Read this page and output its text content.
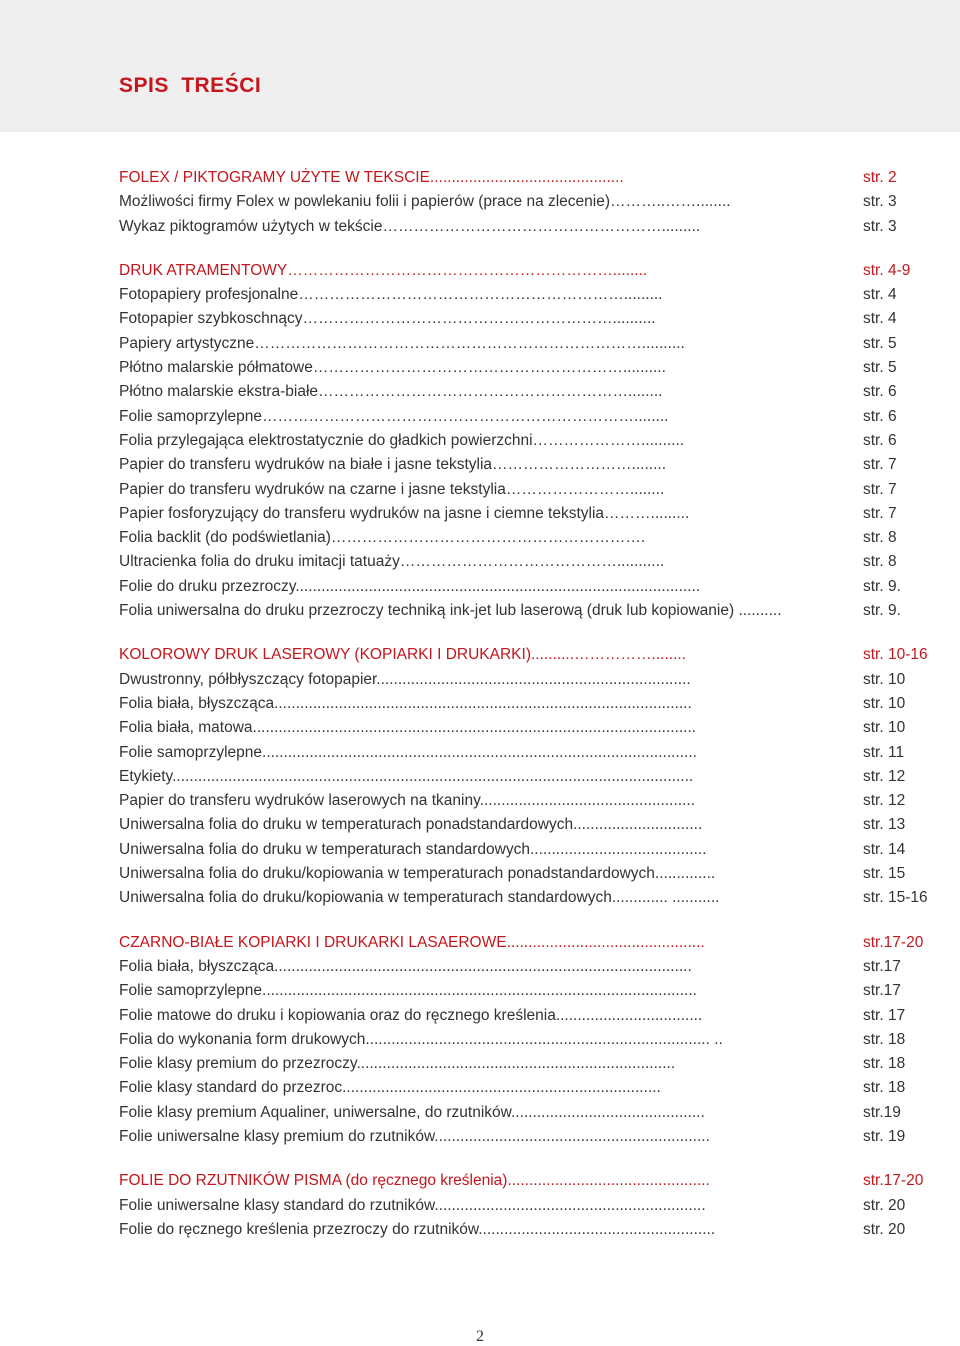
SPIS TREŚCI
FOLEX / PIKTOGRAMY UŻYTE W TEKSCIE.............................................	str. 2
Możliwości firmy Folex w powlekaniu folii i papierów (prace na zlecenie)………..……........	str. 3
Wykaz piktogramów użytych w tekście……………………………………………….........	str. 3
DRUK ATRAMENTOWY………………………………………………………........	str. 4-9
Fotopapiery profesjonalne……………………………………………………….........	str. 4
Fotopapier szybkoschnący……………………………………………………..........	str. 4
Papiery artystyczne…………………………………………………………………..........	str. 5
Płótno malarskie półmatowe……………………………………………………..........	str. 5
Płótno malarskie ekstra-białe……………………………………………………........	str. 6
Folie samoprzylepne………………………………………………………………........	str. 6
Folia przylegająca elektrostatycznie do gładkich powierzchni…………………..........	str. 6
Papier do transferu wydruków na białe i jasne tekstylia………………………........	str. 7
Papier do transferu wydruków na czarne i jasne tekstylia……………………........	str. 7
Papier fosforyzujący do transferu wydruków na jasne i ciemne tekstylia……….........	str. 7
Folia backlit (do podświetlania)…………………………………………………….	str. 8
Ultracienka folia do druku imitacji tatuaży……………………………………...........	str. 8
Folie do druku przezroczy..............................................................................................	str. 9.
Folia uniwersalna do druku przezroczy techniką ink-jet lub laserową (druk lub kopiowanie) ..........	str. 9.
KOLOROWY DRUK LASEROWY (KOPIARKI I DRUKARKI)..........……………........	str. 10-16
Dwustronny, półbłyszczący fotopapier.........................................................................	str. 10
Folia biała, błyszcząca.................................................................................................	str. 10
Folia biała, matowa.......................................................................................................	str. 10
Folie samoprzylepne.....................................................................................................	str. 11
Etykiety.........................................................................................................................	str. 12
Papier do transferu wydruków laserowych na tkaniny..................................................	str. 12
Uniwersalna folia do druku w temperaturach ponadstandardowych..............................	str. 13
Uniwersalna folia do druku w temperaturach standardowych.........................................	str. 14
Uniwersalna folia do druku/kopiowania w temperaturach ponadstandardowych..............	str. 15
Uniwersalna folia do druku/kopiowania w temperaturach standardowych............. ...........	str. 15-16
CZARNO-BIAŁE KOPIARKI I DRUKARKI LASAEROWE..............................................	str.17-20
Folia biała, błyszcząca.................................................................................................	str.17
Folie samoprzylepne.....................................................................................................	str.17
Folie matowe do druku i kopiowania oraz do ręcznego kreślenia..................................	str. 17
Folia do wykonania form drukowych................................................................................ ..	str. 18
Folie klasy premium do przezroczy..........................................................................	str. 18
Folie klasy standard do przezroc..........................................................................	str. 18
Folie klasy premium Aqualiner, uniwersalne, do rzutników.............................................	str.19
Folie uniwersalne klasy premium do rzutników................................................................	str. 19
FOLIE DO RZUTNIKÓW PISMA (do ręcznego kreślenia)...............................................	str.17-20
Folie uniwersalne klasy standard do rzutników...............................................................	str. 20
Folie do ręcznego kreślenia przezroczy do rzutników.......................................................	str. 20
2
